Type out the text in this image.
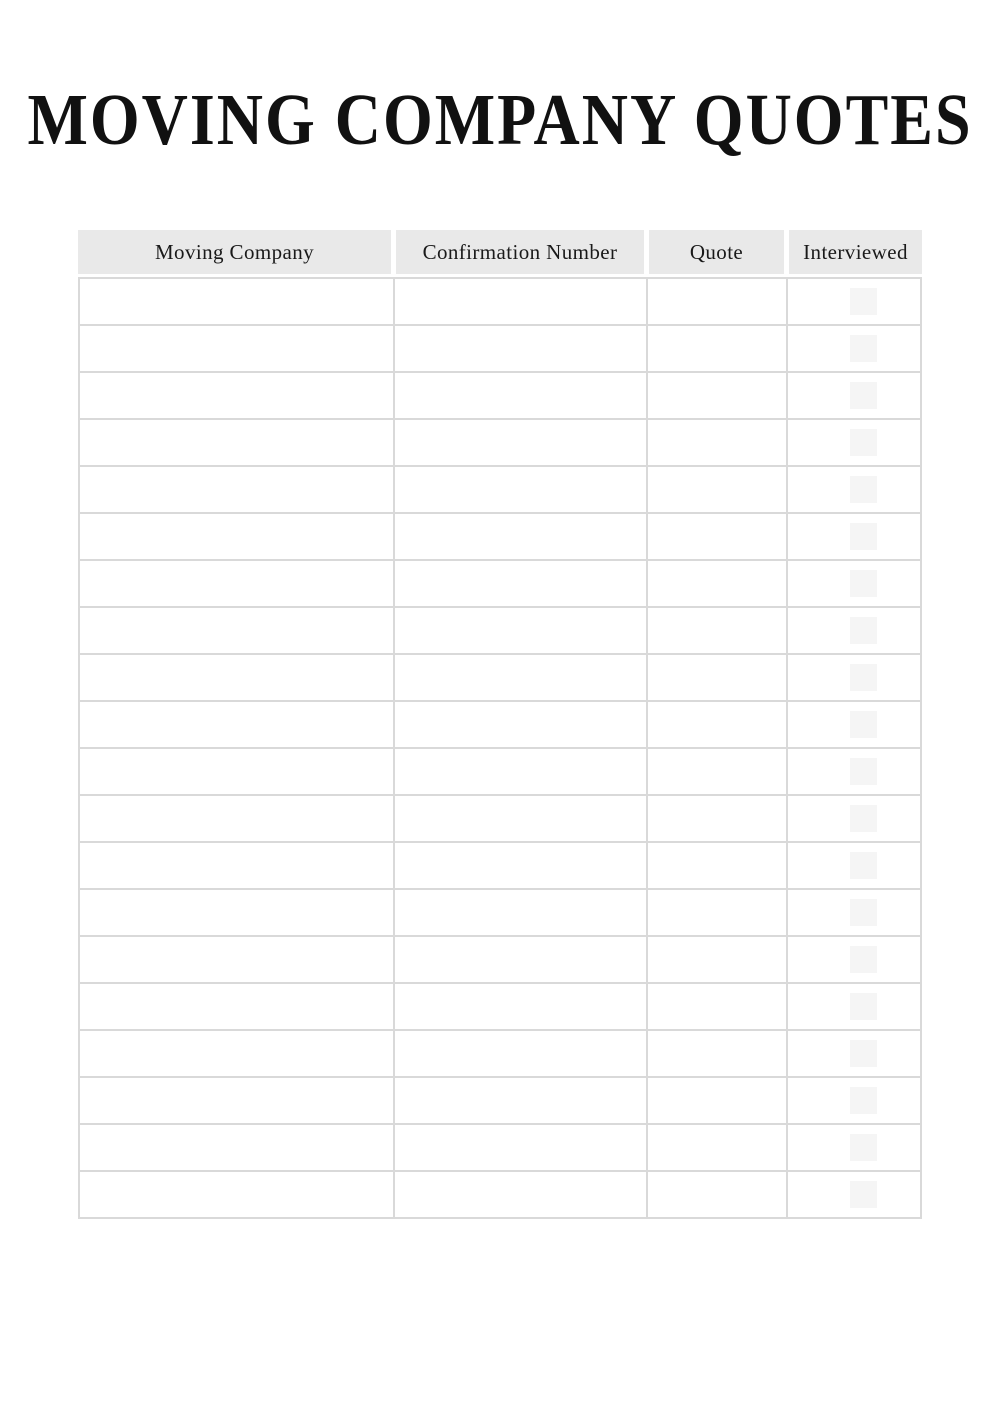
MOVING COMPANY QUOTES
Moving Company	Confirmation Number	Quote	Interviewed
